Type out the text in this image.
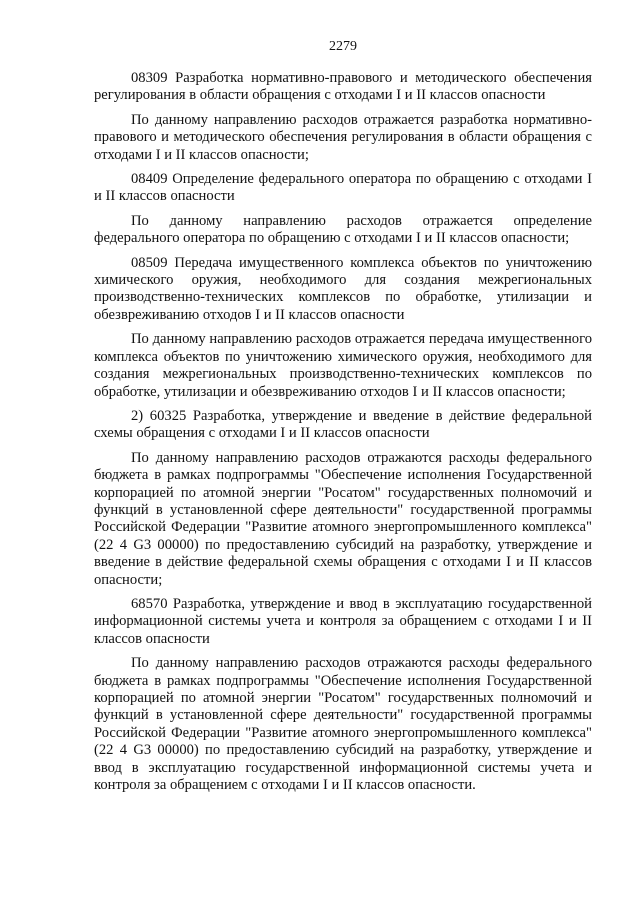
2279

08309 Разработка нормативно-правового и методического обеспечения регулирования в области обращения с отходами I и II классов опасности

По данному направлению расходов отражается разработка нормативно-правового и методического обеспечения регулирования в области обращения с отходами I и II классов опасности;

08409 Определение федерального оператора по обращению с отходами I и II классов опасности

По данному направлению расходов отражается определение федерального оператора по обращению с отходами I и II классов опасности;

08509 Передача имущественного комплекса объектов по уничтожению химического оружия, необходимого для создания межрегиональных производственно-технических комплексов по обработке, утилизации и обезвреживанию отходов I и II классов опасности

По данному направлению расходов отражается передача имущественного комплекса объектов по уничтожению химического оружия, необходимого для создания межрегиональных производственно-технических комплексов по обработке, утилизации и обезвреживанию отходов I и II классов опасности;

2) 60325 Разработка, утверждение и введение в действие федеральной схемы обращения с отходами I и II классов опасности

По данному направлению расходов отражаются расходы федерального бюджета в рамках подпрограммы "Обеспечение исполнения Государственной корпорацией по атомной энергии "Росатом" государственных полномочий и функций в установленной сфере деятельности" государственной программы Российской Федерации "Развитие атомного энергопромышленного комплекса" (22 4 G3 00000) по предоставлению субсидий на разработку, утверждение и введение в действие федеральной схемы обращения с отходами I и II классов опасности;

68570 Разработка, утверждение и ввод в эксплуатацию государственной информационной системы учета и контроля за обращением с отходами I и II классов опасности

По данному направлению расходов отражаются расходы федерального бюджета в рамках подпрограммы "Обеспечение исполнения Государственной корпорацией по атомной энергии "Росатом" государственных полномочий и функций в установленной сфере деятельности" государственной программы Российской Федерации "Развитие атомного энергопромышленного комплекса" (22 4 G3 00000) по предоставлению субсидий на разработку, утверждение и ввод в эксплуатацию государственной информационной системы учета и контроля за обращением с отходами I и II классов опасности.
